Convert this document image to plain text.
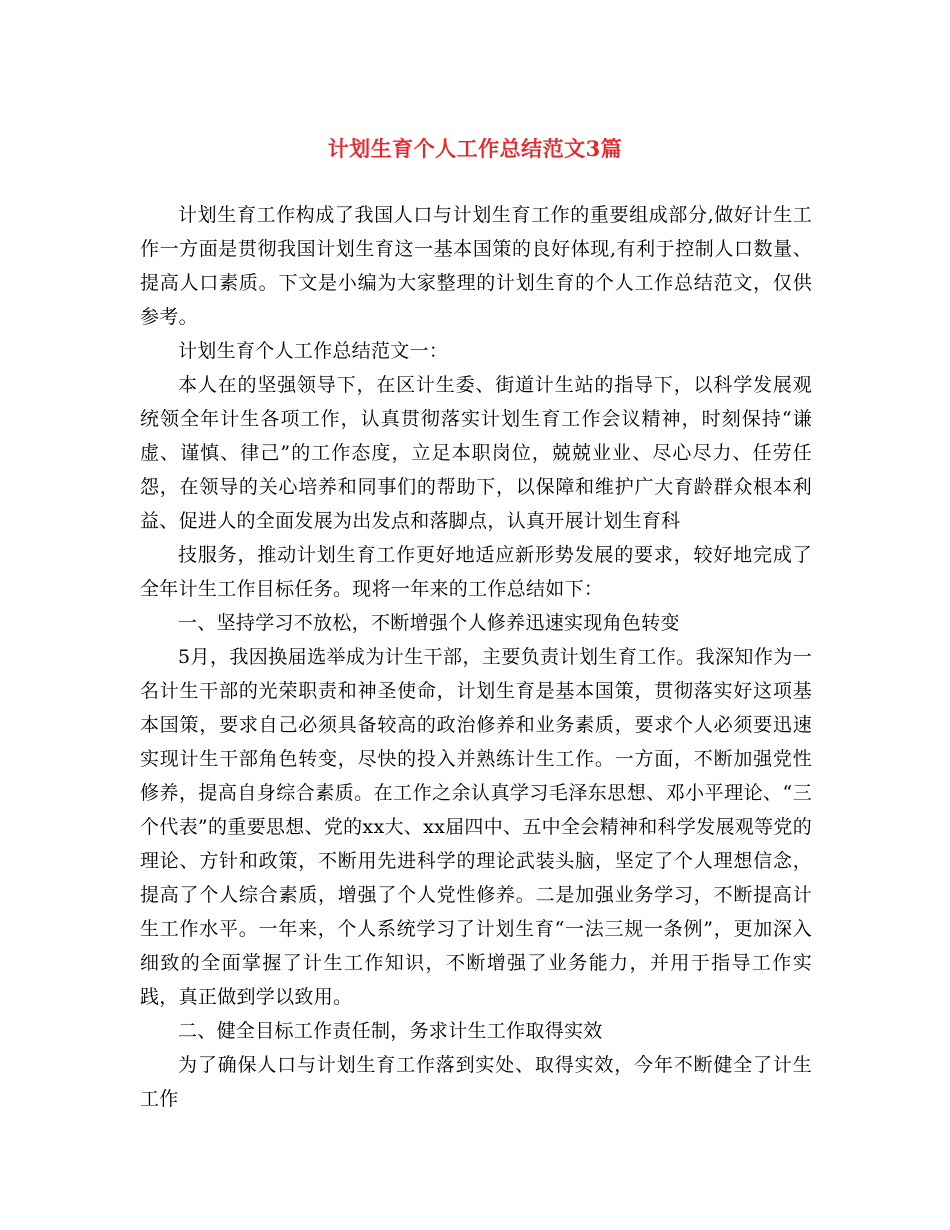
计划生育个人工作总结范文3篇

计划生育工作构成了我国人口与计划生育工作的重要组成部分,做好计生工作一方面是贯彻我国计划生育这一基本国策的良好体现,有利于控制人口数量、提高人口素质。下文是小编为大家整理的计划生育的个人工作总结范文，仅供参考。

计划生育个人工作总结范文一：

本人在的坚强领导下，在区计生委、街道计生站的指导下，以科学发展观统领全年计生各项工作，认真贯彻落实计划生育工作会议精神，时刻保持“谦虚、谨慎、律己”的工作态度，立足本职岗位，兢兢业业、尽心尽力、任劳任怨，在领导的关心培养和同事们的帮助下，以保障和维护广大育龄群众根本利益、促进人的全面发展为出发点和落脚点，认真开展计划生育科

技服务，推动计划生育工作更好地适应新形势发展的要求，较好地完成了全年计生工作目标任务。现将一年来的工作总结如下：

一、坚持学习不放松，不断增强个人修养迅速实现角色转变

5月，我因换届选举成为计生干部，主要负责计划生育工作。我深知作为一名计生干部的光荣职责和神圣使命，计划生育是基本国策，贯彻落实好这项基本国策，要求自己必须具备较高的政治修养和业务素质，要求个人必须要迅速实现计生干部角色转变，尽快的投入并熟练计生工作。一方面，不断加强党性修养，提高自身综合素质。在工作之余认真学习毛泽东思想、邓小平理论、“三个代表”的重要思想、党的xx大、xx届四中、五中全会精神和科学发展观等党的理论、方针和政策，不断用先进科学的理论武装头脑，坚定了个人理想信念，提高了个人综合素质，增强了个人党性修养。二是加强业务学习，不断提高计生工作水平。一年来，个人系统学习了计划生育“一法三规一条例”，更加深入细致的全面掌握了计生工作知识，不断增强了业务能力，并用于指导工作实践，真正做到学以致用。

二、健全目标工作责任制，务求计生工作取得实效

为了确保人口与计划生育工作落到实处、取得实效，今年不断健全了计生工作
